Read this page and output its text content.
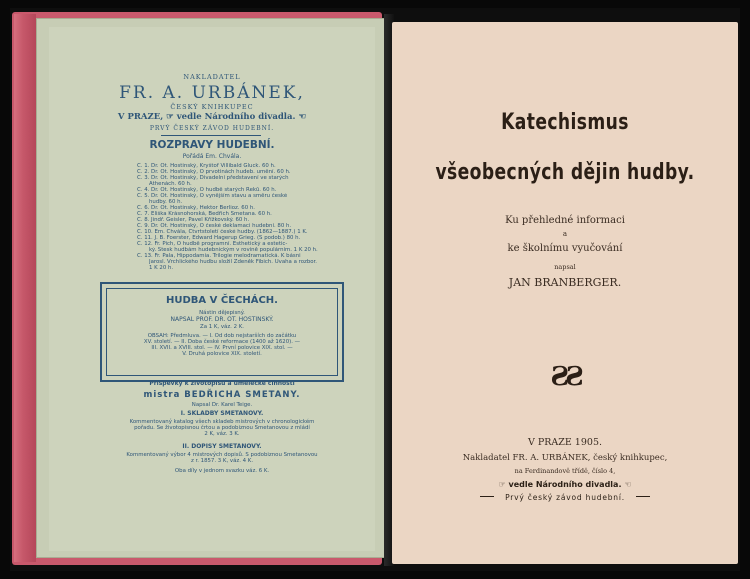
NAKLADATEL
FR. A. URBÁNEK,
ČESKÝ KNIHKUPEC
V PRAZE, ☞ vedle Národního divadla. ☜
PRVÝ ČESKÝ ZÁVOD HUDEBNÍ.
ROZPRAVY HUDEBNÍ.
Pořádá Em. Chvála.
Č. 1. Dr. Ot. Hostinský, Kryštof Villibald Gluck. 60 h.
Č. 2. Dr. Ot. Hostinský, O prvotinách hudeb. umění. 60 h.
Č. 3. Dr. Ot. Hostinský, Divadelní představení ve starých
Athenách. 60 h.
Č. 4. Dr. Ot. Hostinský, O hudbě starých Řeků. 60 h.
Č. 5. Dr. Ot. Hostinský, O vynějším stavu a směru české
hudby. 60 h.
Č. 6. Dr. Ot. Hostinský, Hektor Berlioz. 60 h.
Č. 7. Eliška Krásnohorská, Bedřich Smetana. 60 h.
Č. 8. Jindř. Geisler, Pavel Křížkovský. 60 h.
Č. 9. Dr. Ot. Hostinský, O české deklamaci hudební. 80 h.
Č. 10. Em. Chvála, Čtvrtstoletí české hudby. (1862—1887.) 1 K.
Č. 11. J. B. Foerster, Edward Hagerup Grieg. (S podob.) 80 h.
Č. 12. Fr. Pich, O hudbě programní. Esthetický a estetic-
ký. Stesk hudbám hudebnickým v rovině populárním. 1 K 20 h.
Č. 13. Fr. Pala, Hippodamia. Trilogie melodramatická. K básni
Jarosl. Vrchlického hudbu složil Zdeněk Fibich. Úvaha a rozbor.
1 K 20 h.
HUDBA V ČECHÁCH.
Nástin dějepisný.
NAPSAL PROF. DR. OT. HOSTINSKÝ.
Za 1 K, váz. 2 K.
OBSAH: Předmluva. — I. Od dob nejstarších do začátku
XV. století. — II. Doba české reformace (1400 až 1620). —
III. XVII. a XVIII. stol. — IV. První polovice XIX. stol. —
V. Druhá polovice XIX. století.
Příspěvky k životopisu a umělecké činnosti
mistra BEDŘICHA SMETANY.
Napsal Dr. Karel Teige.
I. SKLADBY SMETANOVY.
Kommentovaný katalog všech skladeb mistrových v chronologickém
pořadu. Se životopisnou črtou a podobiznou Smetanovou z mládí
2 K, váz. 3 K.
II. DOPISY SMETANOVY.
Kommentovaný výbor 4 mistrových dopisů. S podobiznou Smetanovou
z r. 1857. 3 K, váz. 4 K.
Oba díly v jednom svazku váz. 6 K.
Katechismus
všeobecných dějin hudby.
Ku přehledné informaci
a
ke školnímu vyučování
napsal
JAN BRANBERGER.
ƧƧ
V PRAZE 1905.
Nakladatel FR. A. URBÁNEK, český knihkupec,
na Ferdinandově třídě, číslo 4,
☞ vedle Národního divadla. ☜
Prvý český závod hudební.
